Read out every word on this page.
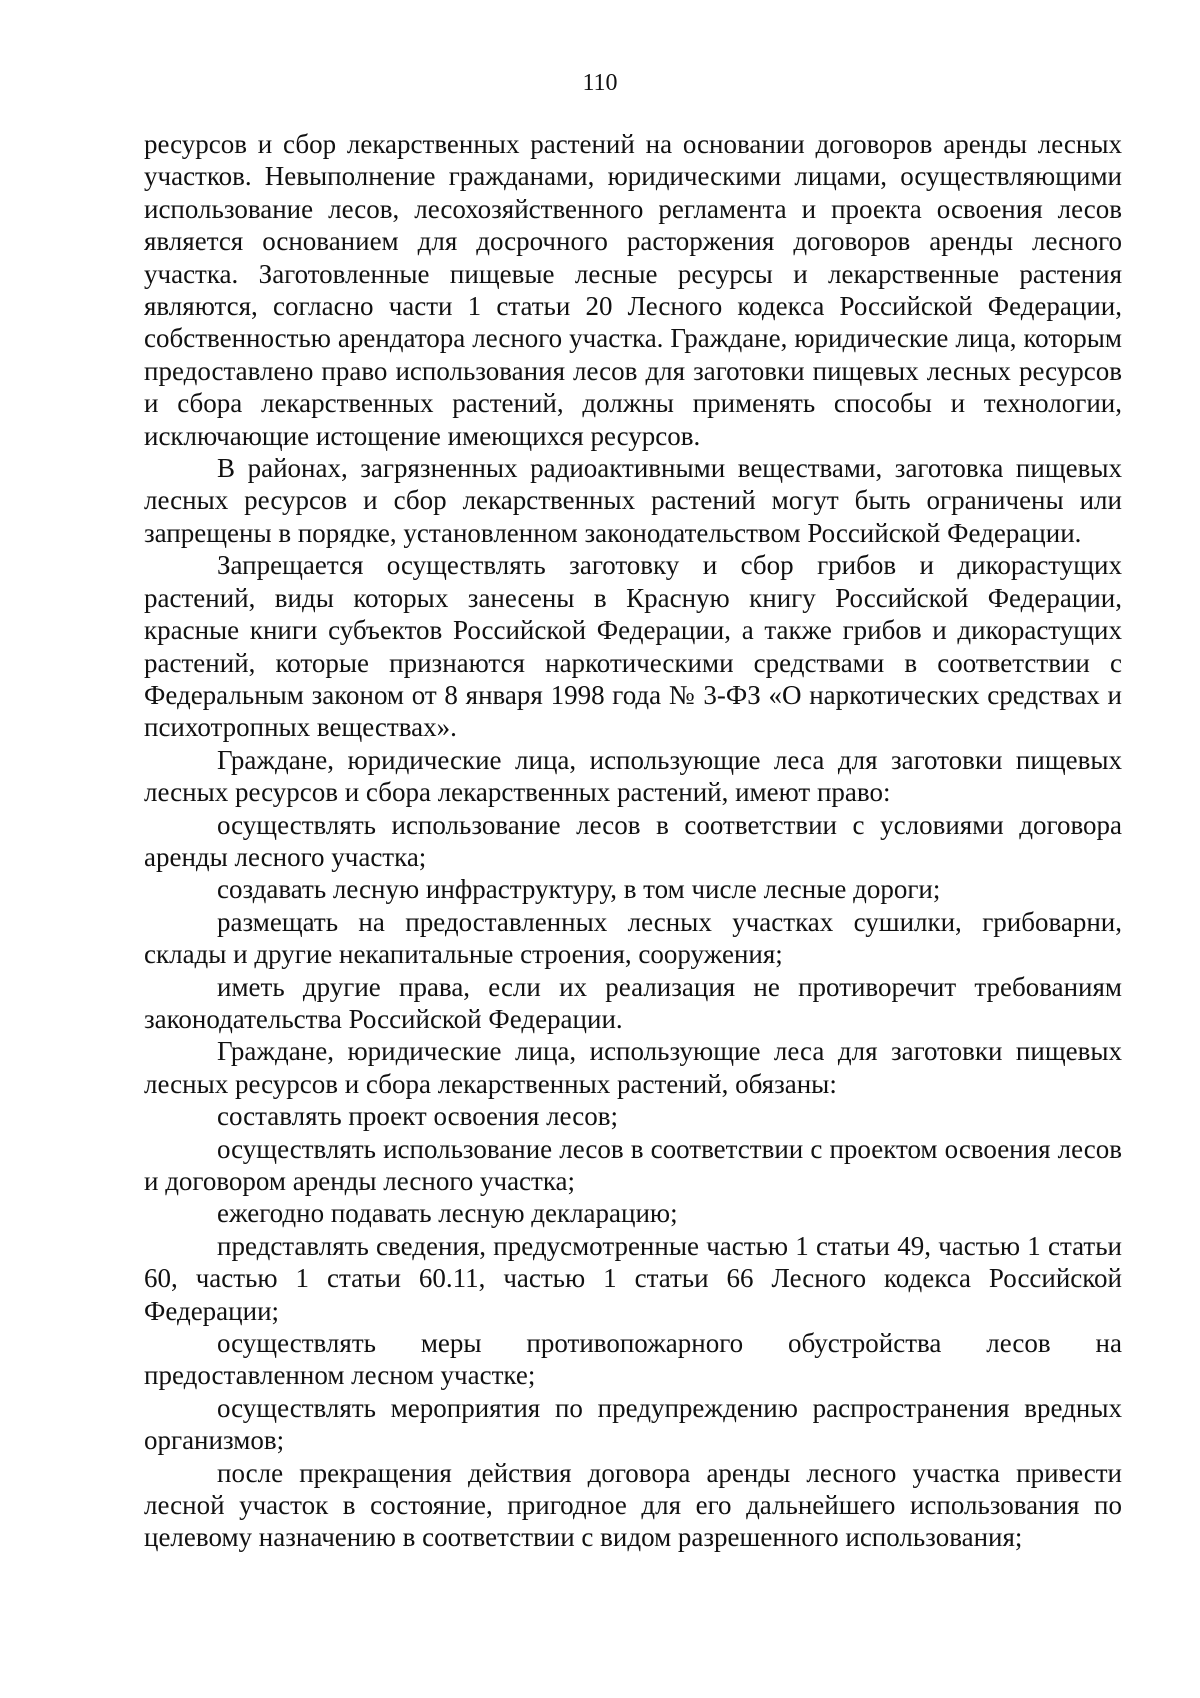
110

ресурсов и сбор лекарственных растений на основании договоров аренды лесных участков. Невыполнение гражданами, юридическими лицами, осуществляющими использование лесов, лесохозяйственного регламента и проекта освоения лесов является основанием для досрочного расторжения договоров аренды лесного участка. Заготовленные пищевые лесные ресурсы и лекарственные растения являются, согласно части 1 статьи 20 Лесного кодекса Российской Федерации, собственностью арендатора лесного участка. Граждане, юридические лица, которым предоставлено право использования лесов для заготовки пищевых лесных ресурсов и сбора лекарственных растений, должны применять способы и технологии, исключающие истощение имеющихся ресурсов.

В районах, загрязненных радиоактивными веществами, заготовка пищевых лесных ресурсов и сбор лекарственных растений могут быть ограничены или запрещены в порядке, установленном законодательством Российской Федерации.

Запрещается осуществлять заготовку и сбор грибов и дикорастущих растений, виды которых занесены в Красную книгу Российской Федерации, красные книги субъектов Российской Федерации, а также грибов и дикорастущих растений, которые признаются наркотическими средствами в соответствии с Федеральным законом от 8 января 1998 года № 3-ФЗ «О наркотических средствах и психотропных веществах».

Граждане, юридические лица, использующие леса для заготовки пищевых лесных ресурсов и сбора лекарственных растений, имеют право:

осуществлять использование лесов в соответствии с условиями договора аренды лесного участка;

создавать лесную инфраструктуру, в том числе лесные дороги;

размещать на предоставленных лесных участках сушилки, грибоварни, склады и другие некапитальные строения, сооружения;

иметь другие права, если их реализация не противоречит требованиям законодательства Российской Федерации.

Граждане, юридические лица, использующие леса для заготовки пищевых лесных ресурсов и сбора лекарственных растений, обязаны:

составлять проект освоения лесов;

осуществлять использование лесов в соответствии с проектом освоения лесов и договором аренды лесного участка;

ежегодно подавать лесную декларацию;

представлять сведения, предусмотренные частью 1 статьи 49, частью 1 статьи 60, частью 1 статьи 60.11, частью 1 статьи 66 Лесного кодекса Российской Федерации;

осуществлять меры противопожарного обустройства лесов на предоставленном лесном участке;

осуществлять мероприятия по предупреждению распространения вредных организмов;

после прекращения действия договора аренды лесного участка привести лесной участок в состояние, пригодное для его дальнейшего использования по целевому назначению в соответствии с видом разрешенного использования;
